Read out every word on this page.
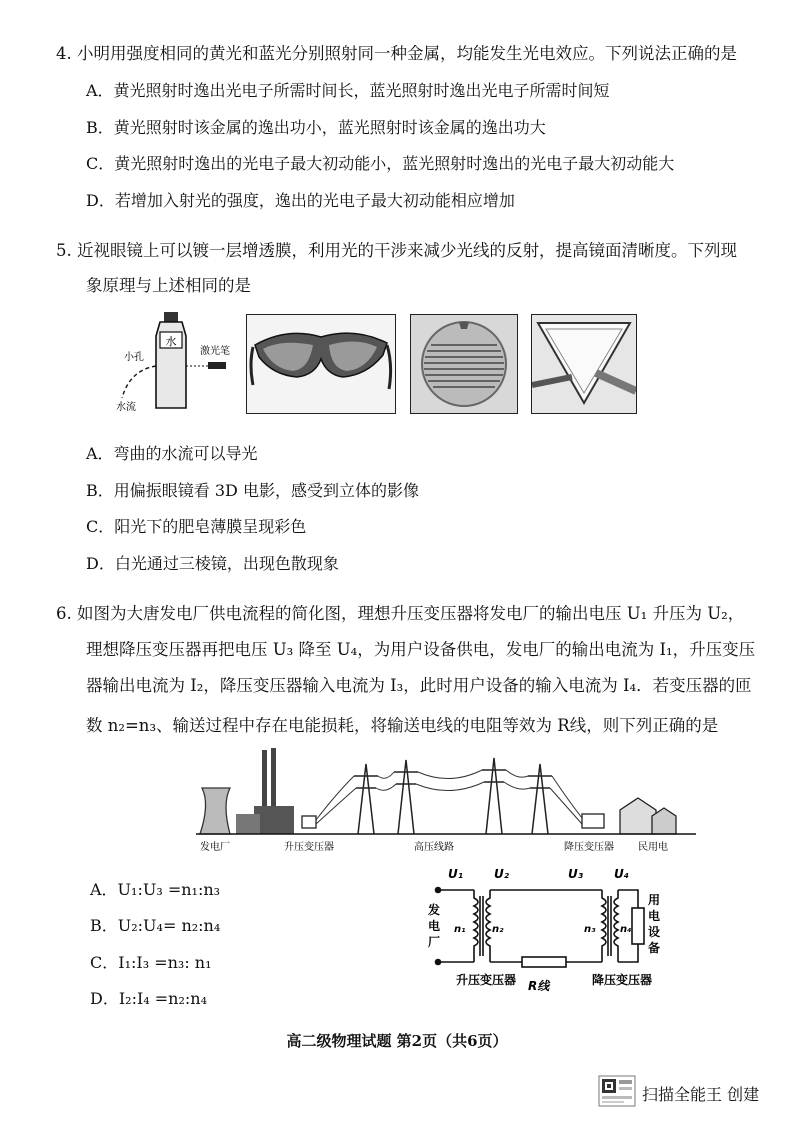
4. 小明用强度相同的黄光和蓝光分别照射同一种金属，均能发生光电效应。下列说法正确的是
A．黄光照射时逸出光电子所需时间长，蓝光照射时逸出光电子所需时间短
B．黄光照射时该金属的逸出功小，蓝光照射时该金属的逸出功大
C．黄光照射时逸出的光电子最大初动能小，蓝光照射时逸出的光电子最大初动能大
D．若增加入射光的强度，逸出的光电子最大初动能相应增加
5. 近视眼镜上可以镀一层增透膜，利用光的干涉来减少光线的反射，提高镜面清晰度。下列现
象原理与上述相同的是
水
小孔
激光笔
水流
A．弯曲的水流可以导光
B．用偏振眼镜看 3D 电影，感受到立体的影像
C．阳光下的肥皂薄膜呈现彩色
D．白光通过三棱镜，出现色散现象
6. 如图为大唐发电厂供电流程的简化图，理想升压变压器将发电厂的输出电压 U₁ 升压为 U₂，
理想降压变压器再把电压 U₃ 降至 U₄，为用户设备供电，发电厂的输出电流为 I₁，升压变压
器输出电流为 I₂，降压变压器输入电流为 I₃，此时用户设备的输入电流为 I₄．若变压器的匝
数 n₂=n₃、输送过程中存在电能损耗，将输送电线的电阻等效为 R线，则下列正确的是
发电厂	升压变压器	高压线路	降压变压器 民用电
A．U₁:U₃ =n₁:n₃
B．U₂:U₄= n₂:n₄
C．I₁:I₃ =n₃: n₁
D．I₂:I₄ =n₂:n₄
U₁	U₂	U₃	U₄
发
电
厂
用
电
设
备
n₁	n₂	n₃ n₄
升压变压器	降压变压器
R线
高二级物理试题 第2页（共6页）
扫描全能王 创建
